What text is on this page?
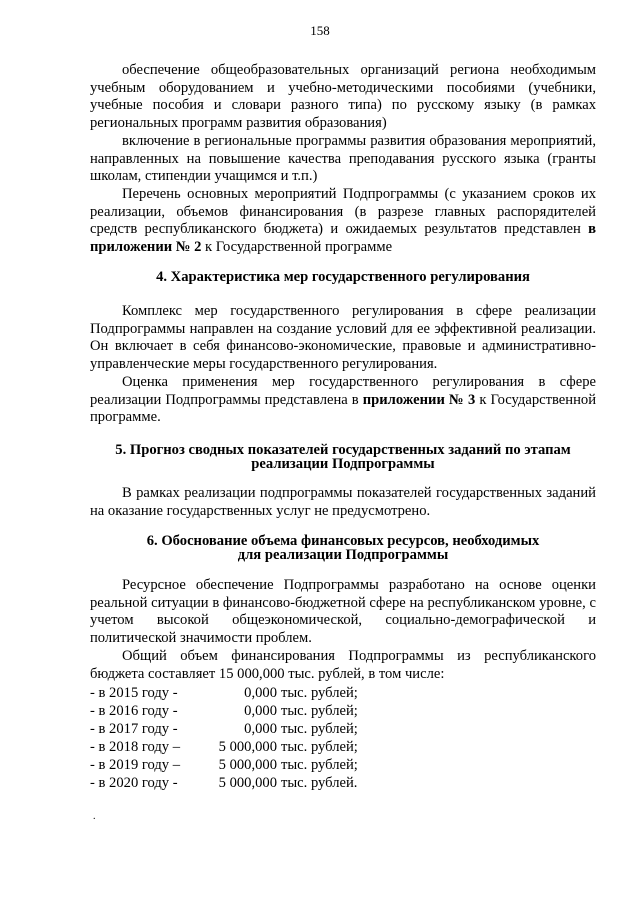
158

обеспечение общеобразовательных организаций региона необходимым учебным оборудованием и учебно-методическими пособиями (учебники, учебные пособия и словари разного типа) по русскому языку (в рамках региональных программ развития образования)

включение в региональные программы развития образования мероприятий, направленных на повышение качества преподавания русского языка (гранты школам, стипендии учащимся и т.п.)

Перечень основных мероприятий Подпрограммы (с указанием сроков их реализации, объемов финансирования (в разрезе главных распорядителей средств республиканского бюджета) и ожидаемых результатов представлен в приложении № 2 к Государственной программе

4. Характеристика мер государственного регулирования

Комплекс мер государственного регулирования в сфере реализации Подпрограммы направлен на создание условий для ее эффективной реализации. Он включает в себя финансово-экономические, правовые и административно-управленческие меры государственного регулирования.

Оценка применения мер государственного регулирования в сфере реализации Подпрограммы представлена в приложении № 3 к Государственной программе.

5. Прогноз сводных показателей государственных заданий по этапам
реализации Подпрограммы

В рамках реализации подпрограммы показателей государственных заданий на оказание государственных услуг не предусмотрено.

6. Обоснование объема финансовых ресурсов, необходимых
для реализации Подпрограммы

Ресурсное обеспечение Подпрограммы разработано на основе оценки реальной ситуации в финансово-бюджетной сфере на республиканском уровне, с учетом высокой общеэкономической, социально-демографической и политической значимости проблем.

Общий объем финансирования Подпрограммы из республиканского бюджета составляет 15 000,000 тыс. рублей, в том числе:

- в 2015 году -	0,000 тыс. рублей;
- в 2016 году -	0,000 тыс. рублей;
- в 2017 году -	0,000 тыс. рублей;
- в 2018 году –	5 000,000 тыс. рублей;
- в 2019 году –	5 000,000 тыс. рублей;
- в 2020 году -	5 000,000 тыс. рублей.
.
